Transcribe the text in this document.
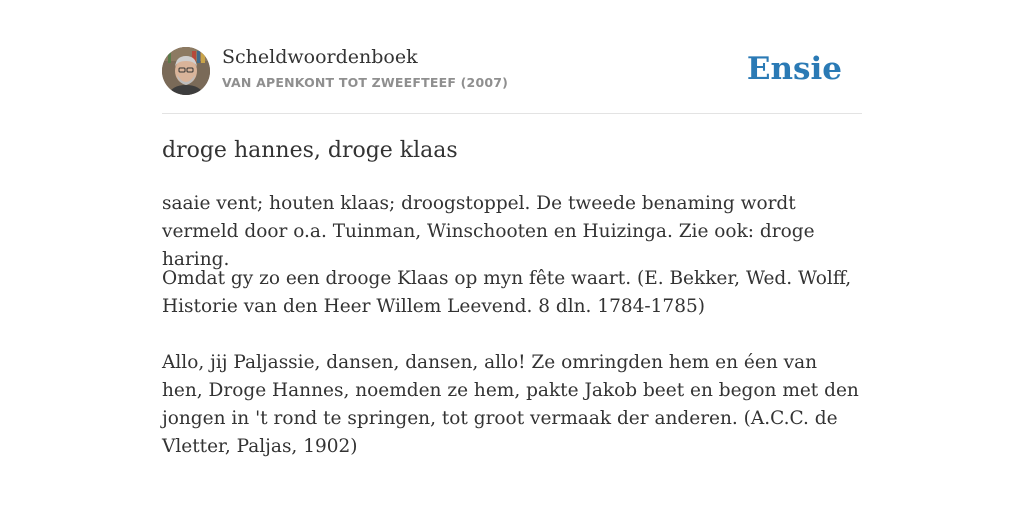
Scheldwoordenboek
VAN APENKONT TOT ZWEEFTEEF (2007)	Ensie
droge hannes, droge klaas
saaie vent; houten klaas; droogstoppel. De tweede benaming wordt vermeld door o.a. Tuinman, Winschooten en Huizinga. Zie ook: droge haring.
Omdat gy zo een drooge Klaas op myn fête waart. (E. Bekker, Wed. Wolff, Historie van den Heer Willem Leevend. 8 dln. 1784-1785)
Allo, jij Paljassie, dansen, dansen, allo! Ze omringden hem en éen van hen, Droge Hannes, noemden ze hem, pakte Jakob beet en begon met den jongen in 't rond te springen, tot groot vermaak der anderen. (A.C.C. de Vletter, Paljas, 1902)
